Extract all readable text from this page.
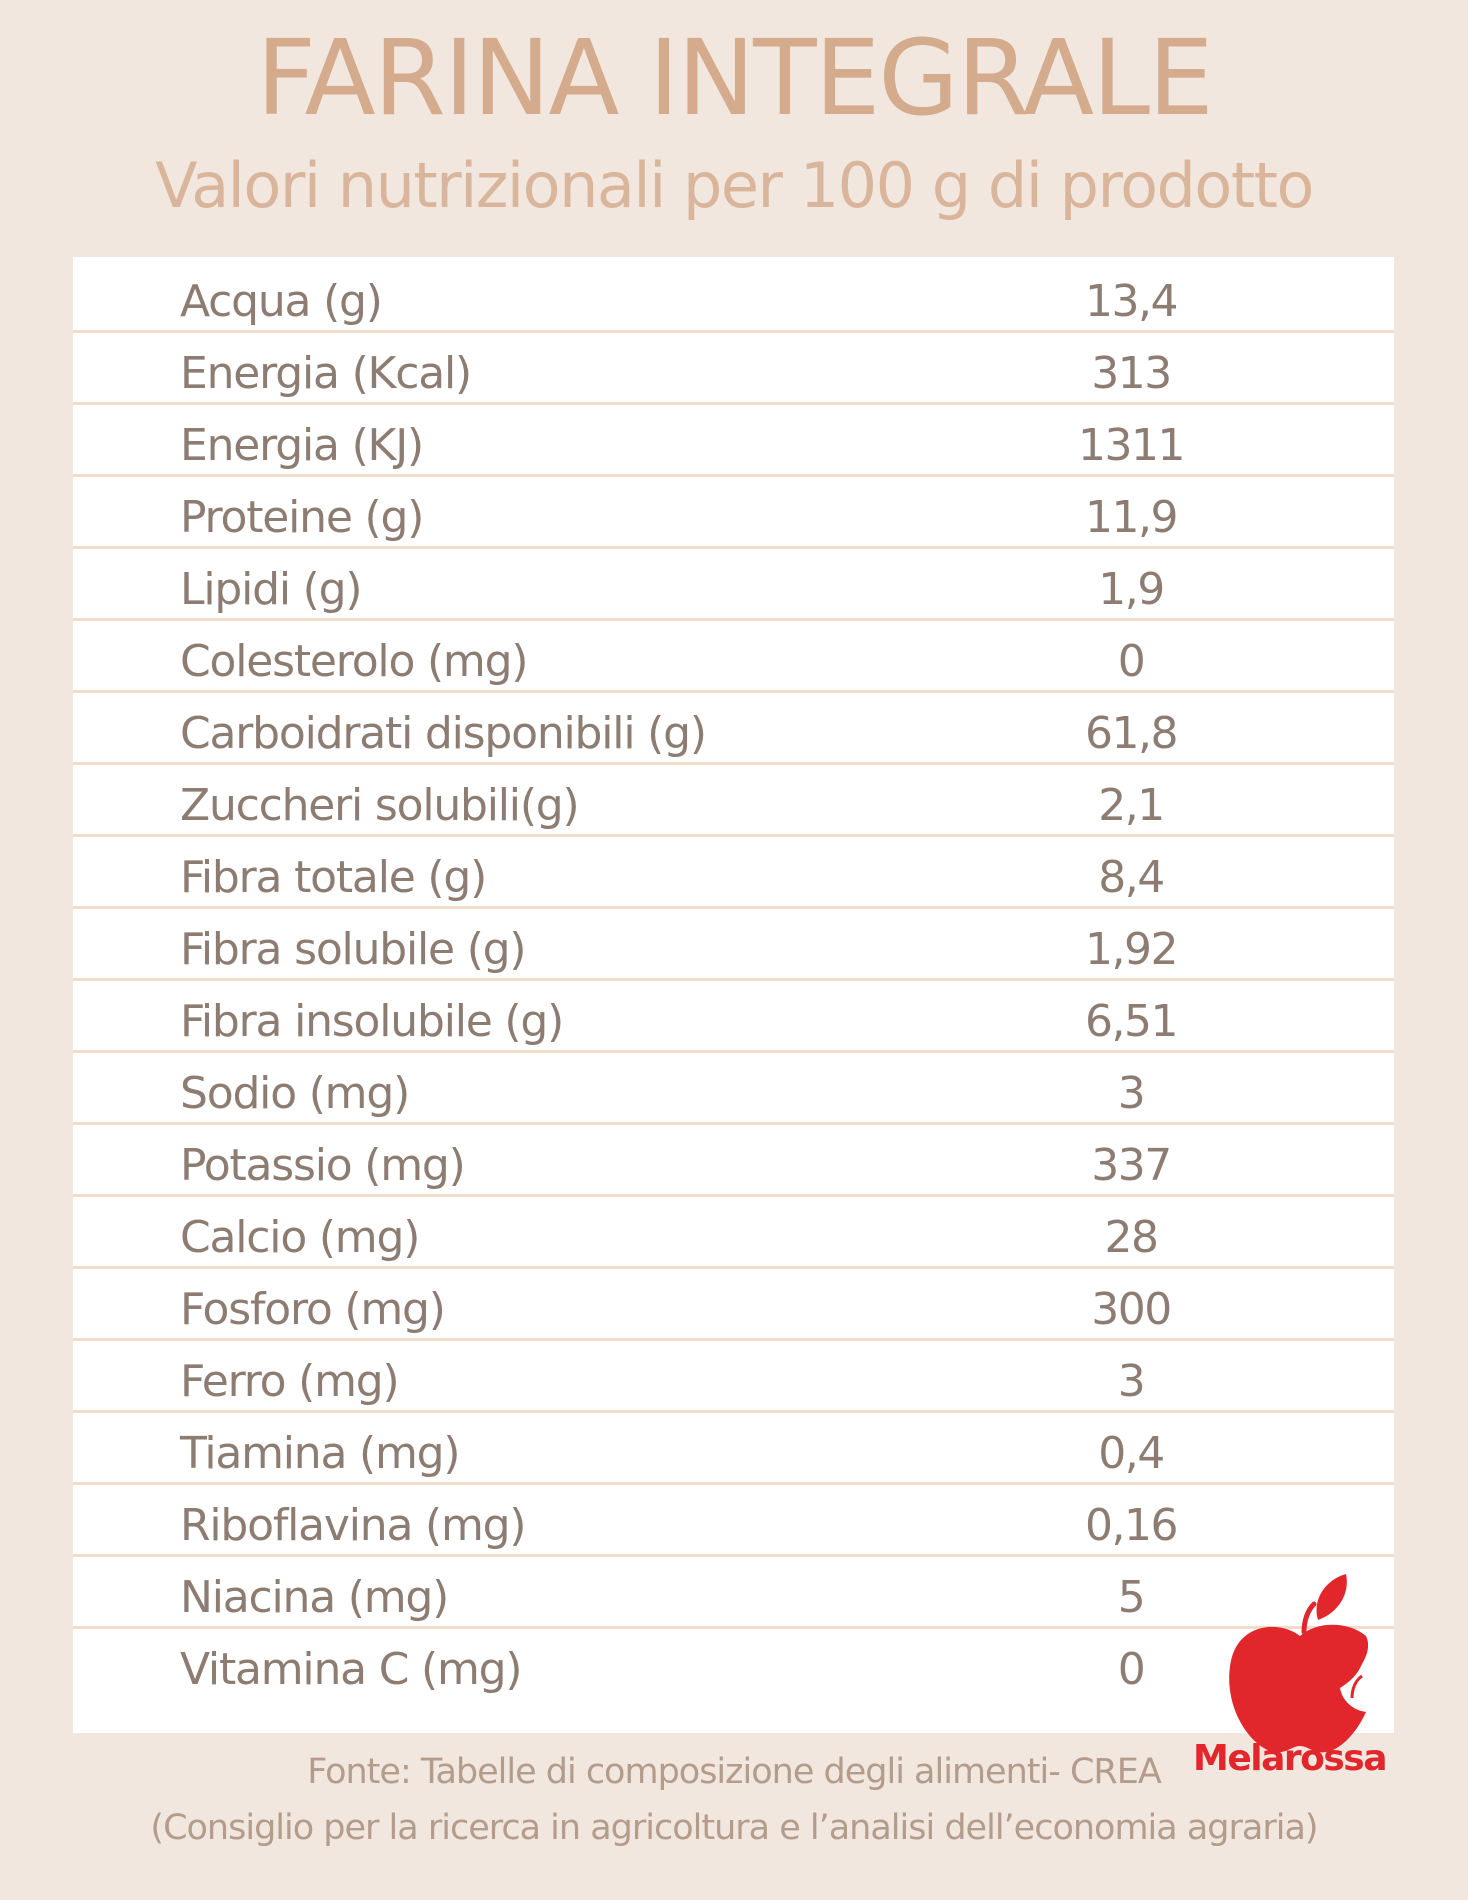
FARINA INTEGRALE
Valori nutrizionali per 100 g di prodotto
Acqua (g)	13,4
Energia (Kcal)	313
Energia (KJ)	1311
Proteine (g)	11,9
Lipidi (g)	1,9
Colesterolo (mg)	0
Carboidrati disponibili (g)	61,8
Zuccheri solubili(g)	2,1
Fibra totale (g)	8,4
Fibra solubile (g)	1,92
Fibra insolubile (g)	6,51
Sodio (mg)	3
Potassio (mg)	337
Calcio (mg)	28
Fosforo (mg)	300
Ferro (mg)	3
Tiamina (mg)	0,4
Riboflavina (mg)	0,16
Niacina (mg)	5
Vitamina C (mg)	0
Fonte: Tabelle di composizione degli alimenti- CREA
(Consiglio per la ricerca in agricoltura e l’analisi dell’economia agraria)
Melarossa
